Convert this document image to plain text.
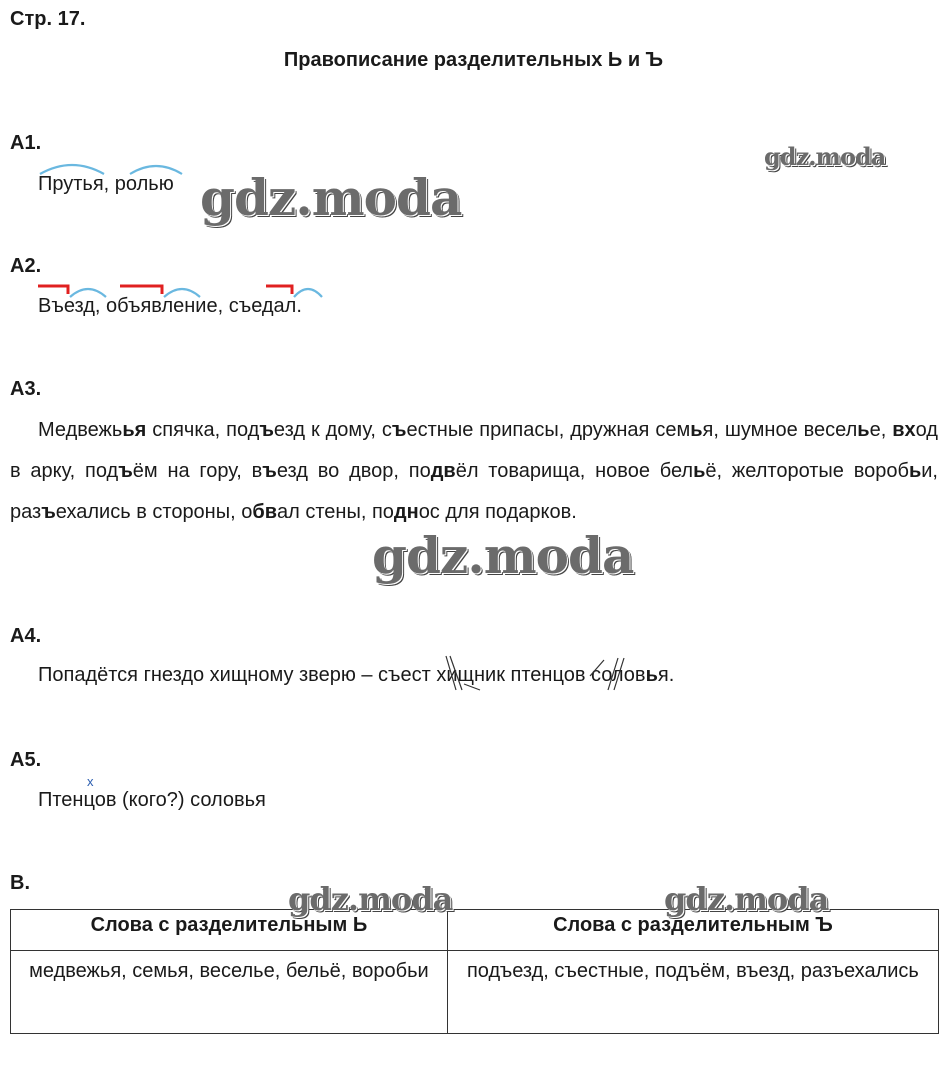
Стр. 17.
Правописание разделительных Ь и Ъ
А1.
Прутья, ролью
А2.
Въезд, объявление, съедал.
А3.
Медвежьья спячка, подъезд к дому, съестные припасы, дружная семья, шумное веселье, вход в арку, подъём на гору, въезд во двор, подвёл товарища, новое бельё, желторотые воробьи, разъехались в стороны, обвал стены, поднос для подарков.
А4.
Попадётся гнездо хищному зверю – съест хищник птенцов соловья.
А5.
x
Птенцов (кого?) соловья
В.
Слова с разделительным Ь	Слова с разделительным Ъ
медвежья, семья, веселье, бельё, воробьи	подъезд, съестные, подъём, въезд, разъехались
gdz.moda
gdz.moda
gdz.moda
gdz.moda	gdz.moda
